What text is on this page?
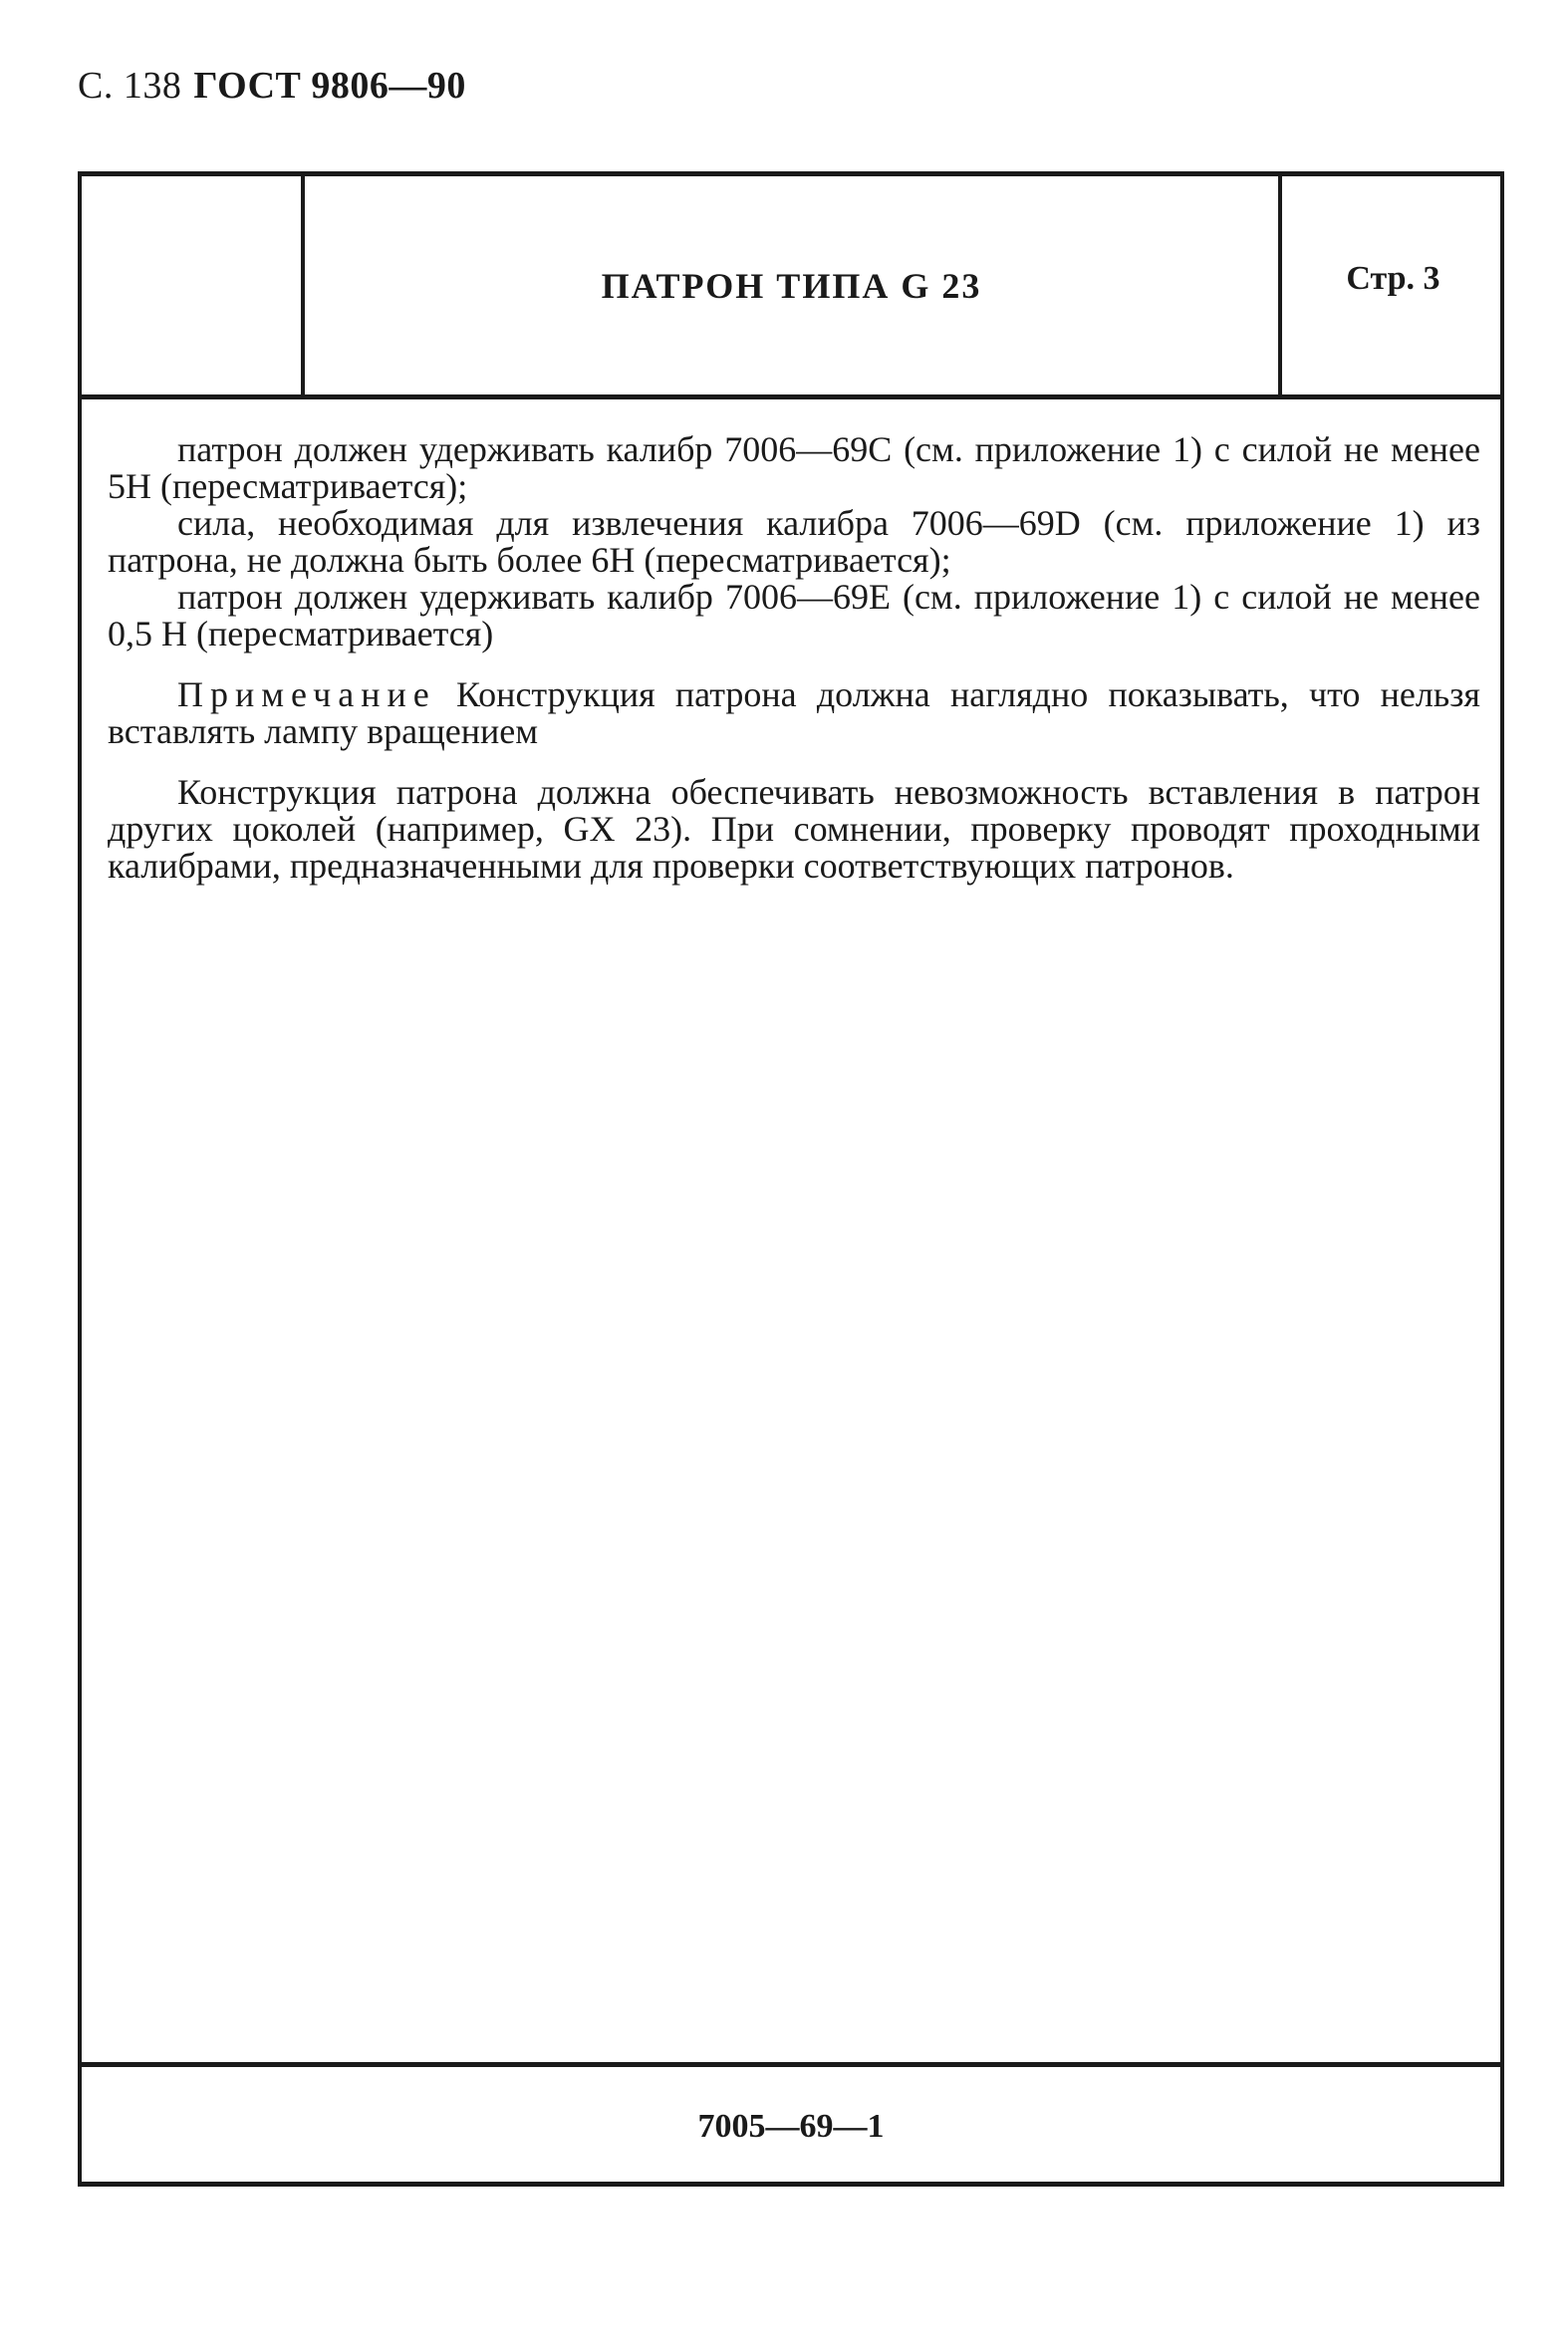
С. 138 ГОСТ 9806—90
ПАТРОН ТИПА G 23	Стр. 3

патрон должен удерживать калибр 7006—69С (см. приложение 1) с силой не менее 5Н (пересматривается);

сила, необходимая для извлечения калибра 7006—69D (см. приложение 1) из патрона, не должна быть более 6Н (пересматривается);

патрон должен удерживать калибр 7006—69Е (см. приложение 1) с силой не менее 0,5 Н (пересматривается)

Примечание Конструкция патрона должна наглядно показывать, что нельзя вставлять лампу вращением

Конструкция патрона должна обеспечивать невозможность вставления в патрон других цоколей (например, GX 23). При сомнении, проверку проводят проходными калибрами, предназначенными для проверки соответствующих патронов.

7005—69—1
